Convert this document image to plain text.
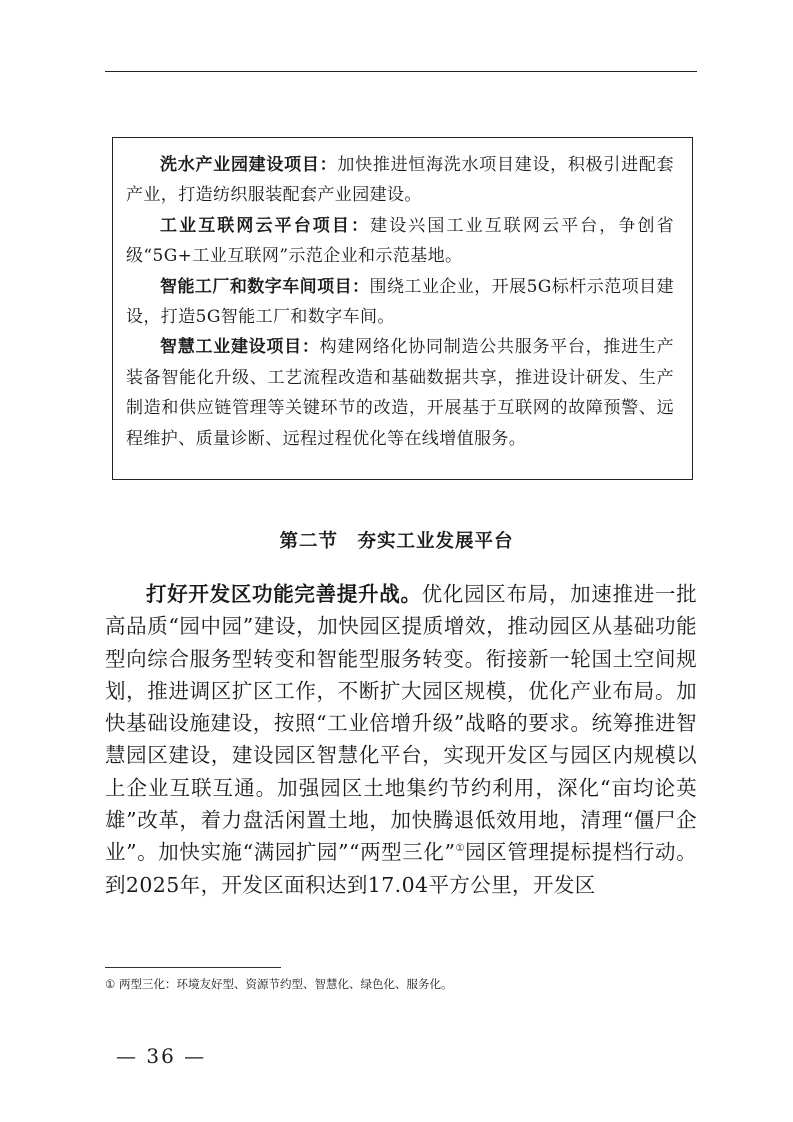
洗水产业园建设项目：加快推进恒海洗水项目建设，积极引进配套产业，打造纺织服装配套产业园建设。

工业互联网云平台项目：建设兴国工业互联网云平台，争创省级“5G+工业互联网”示范企业和示范基地。

智能工厂和数字车间项目：围绕工业企业，开展5G标杆示范项目建设，打造5G智能工厂和数字车间。

智慧工业建设项目：构建网络化协同制造公共服务平台，推进生产装备智能化升级、工艺流程改造和基础数据共享，推进设计研发、生产制造和供应链管理等关键环节的改造，开展基于互联网的故障预警、远程维护、质量诊断、远程过程优化等在线增值服务。

第二节　夯实工业发展平台

打好开发区功能完善提升战。优化园区布局，加速推进一批高品质“园中园”建设，加快园区提质增效，推动园区从基础功能型向综合服务型转变和智能型服务转变。衔接新一轮国土空间规划，推进调区扩区工作，不断扩大园区规模，优化产业布局。加快基础设施建设，按照“工业倍增升级”战略的要求。统筹推进智慧园区建设，建设园区智慧化平台，实现开发区与园区内规模以上企业互联互通。加强园区土地集约节约利用，深化“亩均论英雄”改革，着力盘活闲置土地，加快腾退低效用地，清理“僵尸企业”。加快实施“满园扩园”“两型三化”①园区管理提标提档行动。到2025年，开发区面积达到17.04平方公里，开发区

① 两型三化：环境友好型、资源节约型、智慧化、绿色化、服务化。
— 36 —
